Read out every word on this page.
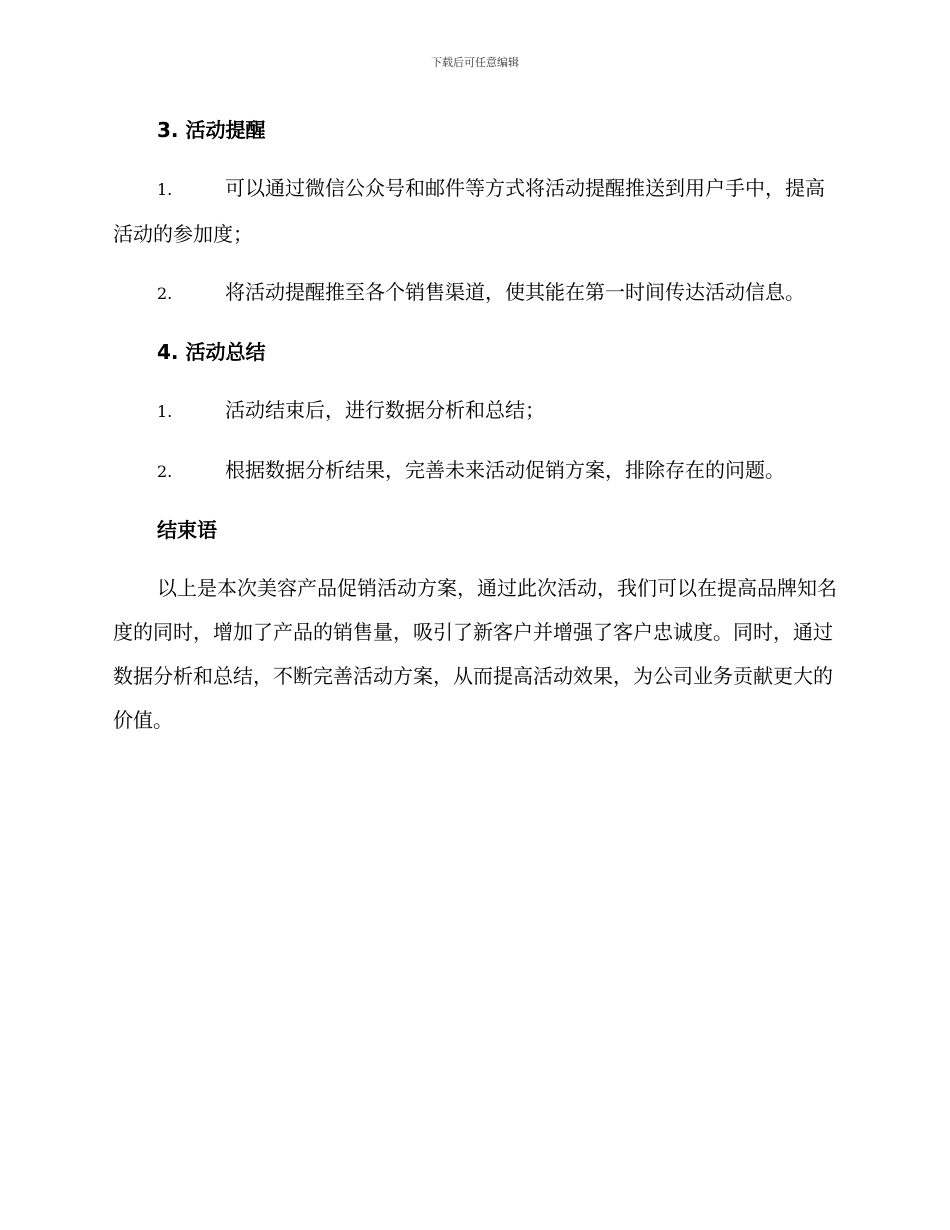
下载后可任意编辑
3. 活动提醒
1.	可以通过微信公众号和邮件等方式将活动提醒推送到用户手中，提高活动的参加度；
2.	将活动提醒推至各个销售渠道，使其能在第一时间传达活动信息。
4. 活动总结
1.	活动结束后，进行数据分析和总结；
2.	根据数据分析结果，完善未来活动促销方案，排除存在的问题。
结束语

以上是本次美容产品促销活动方案，通过此次活动，我们可以在提高品牌知名度的同时，增加了产品的销售量，吸引了新客户并增强了客户忠诚度。同时，通过数据分析和总结，不断完善活动方案，从而提高活动效果，为公司业务贡献更大的价值。
